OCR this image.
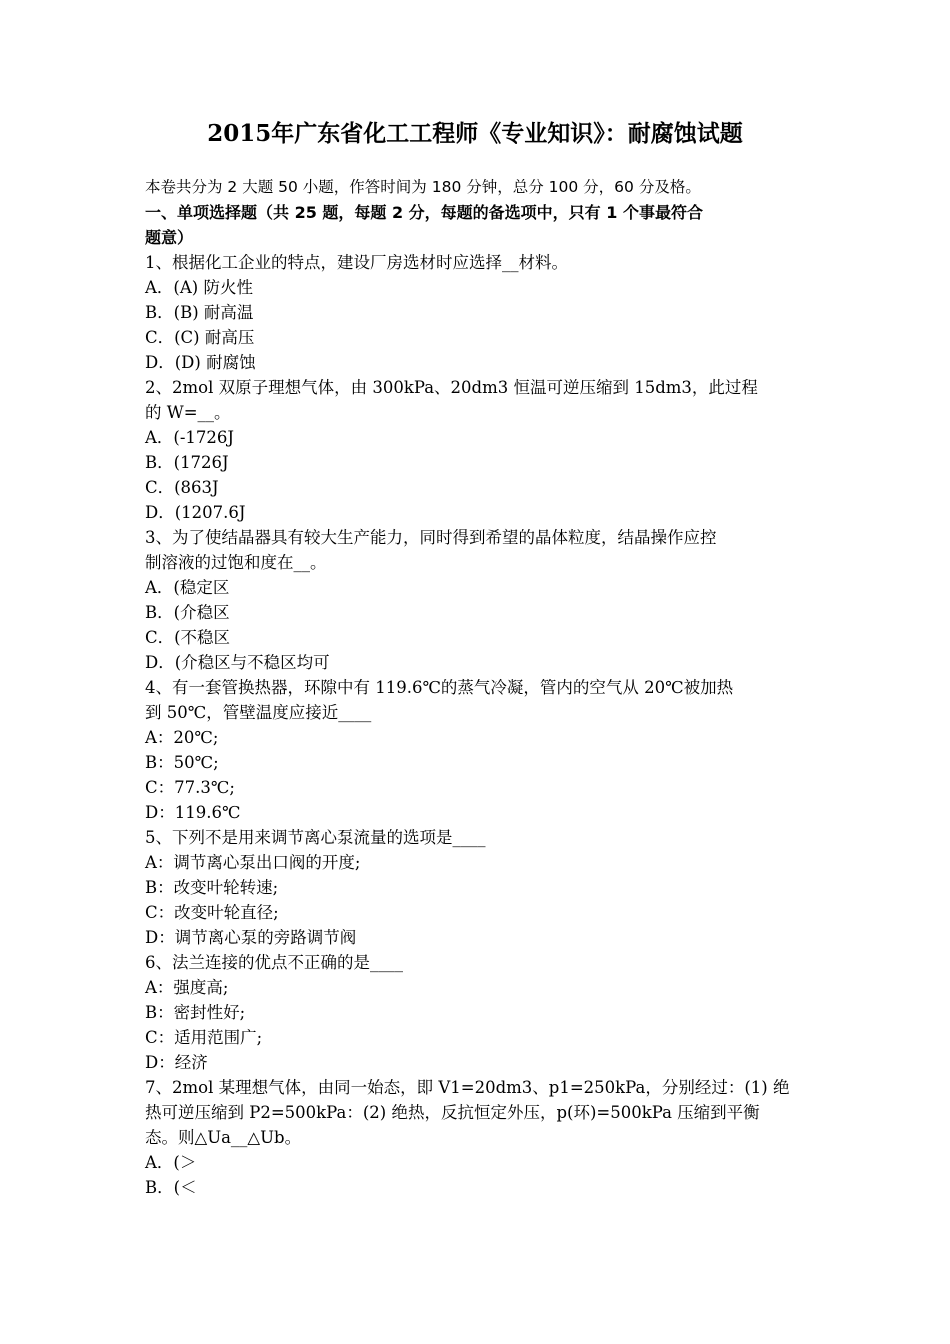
2015年广东省化工工程师《专业知识》：耐腐蚀试题
本卷共分为 2 大题 50 小题，作答时间为 180 分钟，总分 100 分，60 分及格。
一、单项选择题（共 25 题，每题 2 分，每题的备选项中，只有 1 个事最符合
题意）
1、根据化工企业的特点，建设厂房选材时应选择__材料。
A．(A) 防火性
B．(B) 耐高温
C．(C) 耐高压
D．(D) 耐腐蚀
2、2mol 双原子理想气体，由 300kPa、20dm3 恒温可逆压缩到 15dm3，此过程
的 W=__。
A．(-1726J
B．(1726J
C．(863J
D．(1207.6J
3、为了使结晶器具有较大生产能力，同时得到希望的晶体粒度，结晶操作应控
制溶液的过饱和度在__。
A．(稳定区
B．(介稳区
C．(不稳区
D．(介稳区与不稳区均可
4、有一套管换热器，环隙中有 119.6℃的蒸气冷凝，管内的空气从 20℃被加热
到 50℃，管壁温度应接近____
A：20℃;
B：50℃;
C：77.3℃;
D：119.6℃
5、下列不是用来调节离心泵流量的选项是____
A：调节离心泵出口阀的开度;
B：改变叶轮转速;
C：改变叶轮直径;
D：调节离心泵的旁路调节阀
6、法兰连接的优点不正确的是____
A：强度高;
B：密封性好;
C：适用范围广;
D：经济
7、2mol 某理想气体，由同一始态，即 V1=20dm3、p1=250kPa，分别经过：(1) 绝
热可逆压缩到 P2=500kPa：(2) 绝热，反抗恒定外压，p(环)=500kPa 压缩到平衡
态。则△Ua__△Ub。
A．(＞
B．(＜
